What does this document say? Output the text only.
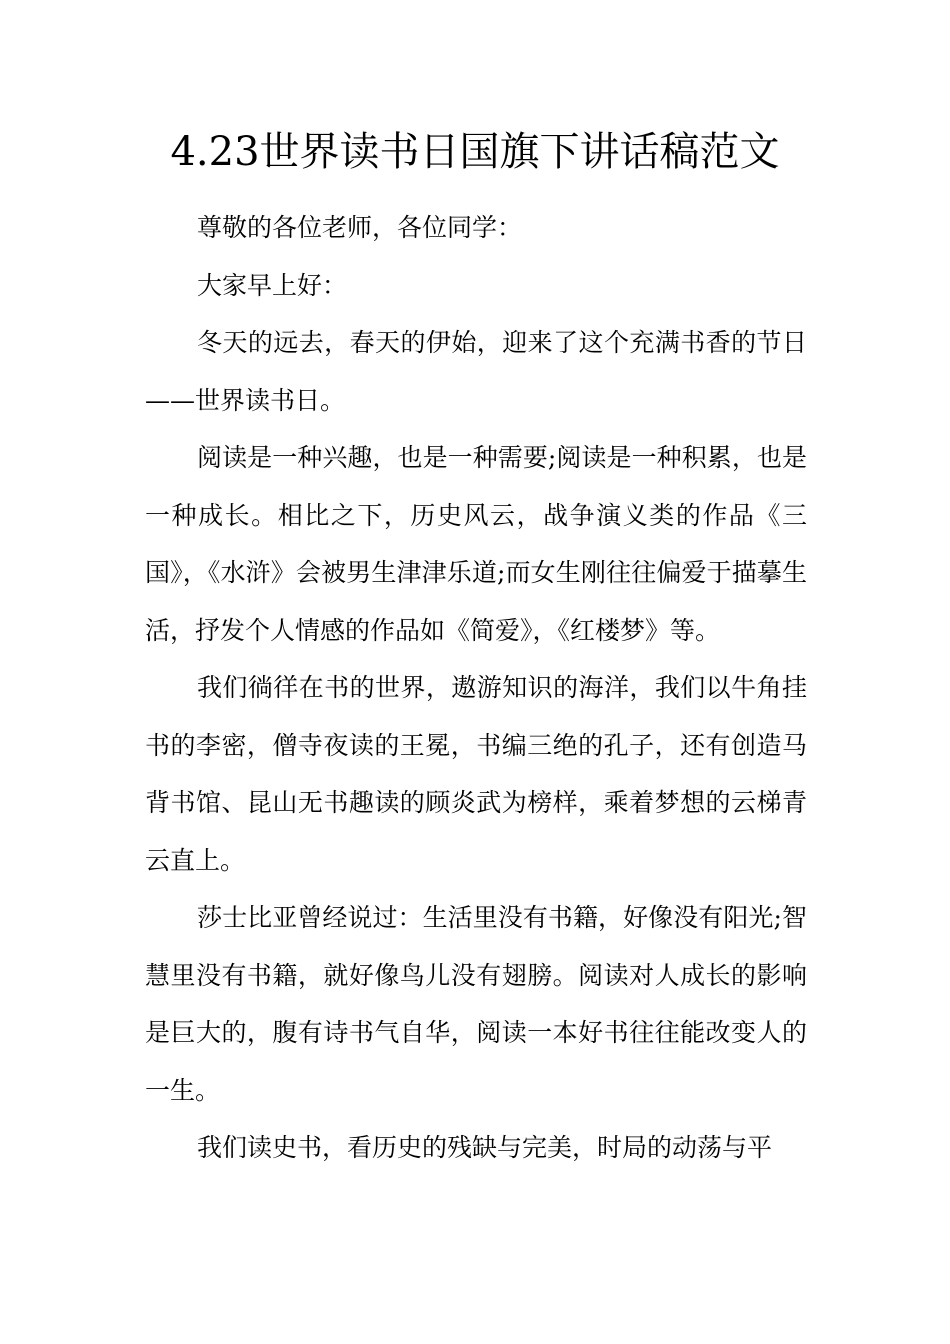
4.23世界读书日国旗下讲话稿范文

尊敬的各位老师，各位同学：

大家早上好：

冬天的远去，春天的伊始，迎来了这个充满书香的节日——世界读书日。

阅读是一种兴趣，也是一种需要;阅读是一种积累，也是一种成长。相比之下，历史风云，战争演义类的作品《三国》，《水浒》会被男生津津乐道;而女生刚往往偏爱于描摹生活，抒发个人情感的作品如《简爱》，《红楼梦》等。

我们徜徉在书的世界，遨游知识的海洋，我们以牛角挂书的李密，僧寺夜读的王冕，书编三绝的孔子，还有创造马背书馆、昆山无书趣读的顾炎武为榜样，乘着梦想的云梯青云直上。

莎士比亚曾经说过：生活里没有书籍，好像没有阳光;智慧里没有书籍，就好像鸟儿没有翅膀。阅读对人成长的影响是巨大的，腹有诗书气自华，阅读一本好书往往能改变人的一生。

我们读史书，看历史的残缺与完美，时局的动荡与平
